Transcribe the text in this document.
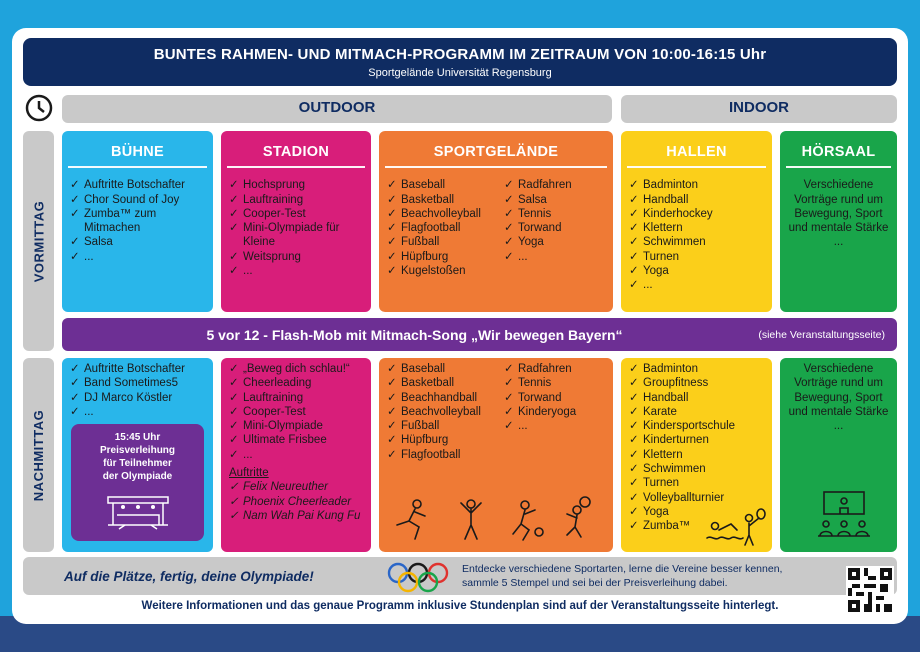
BUNTES RAHMEN- UND MITMACH-PROGRAMM IM ZEITRAUM VON 10:00-16:15 Uhr
Sportgelände Universität Regensburg
OUTDOOR	INDOOR
VORMITTAG
NACHMITTAG
BÜHNE
✓ Auftritte Botschafter
✓ Chor Sound of Joy
✓ Zumba™ zum Mitmachen
✓ Salsa
✓ ...
STADION
✓ Hochsprung
✓ Lauftraining
✓ Cooper-Test
✓ Mini-Olympiade für Kleine
✓ Weitsprung
✓ ...
SPORTGELÄNDE
✓ Baseball
✓ Basketball
✓ Beachvolleyball
✓ Flagfootball
✓ Fußball
✓ Hüpfburg
✓ Kugelstoßen
✓ Radfahren
✓ Salsa
✓ Tennis
✓ Torwand
✓ Yoga
✓ ...
HALLEN
✓ Badminton
✓ Handball
✓ Kinderhockey
✓ Klettern
✓ Schwimmen
✓ Turnen
✓ Yoga
✓ ...
HÖRSAAL
Verschiedene Vorträge rund um Bewegung, Sport und mentale Stärke ...
5 vor 12 - Flash-Mob mit Mitmach-Song „Wir bewegen Bayern“	(siehe Veranstaltungsseite)
✓ Auftritte Botschafter
✓ Band Sometimes5
✓ DJ Marco Köstler
✓ ...
15:45 Uhr
Preisverleihung
für Teilnehmer
der Olympiade
✓ „Beweg dich schlau!“
✓ Cheerleading
✓ Lauftraining
✓ Cooper-Test
✓ Mini-Olympiade
✓ Ultimate Frisbee
✓ ...
Auftritte
✓ Felix Neureuther
✓ Phoenix Cheerleader
✓ Nam Wah Pai Kung Fu
✓ Baseball
✓ Basketball
✓ Beachhandball
✓ Beachvolleyball
✓ Fußball
✓ Hüpfburg
✓ Flagfootball
✓ Radfahren
✓ Tennis
✓ Torwand
✓ Kinderyoga
✓ ...
✓ Badminton
✓ Groupfitness
✓ Handball
✓ Karate
✓ Kindersportschule
✓ Kinderturnen
✓ Klettern
✓ Schwimmen
✓ Turnen
✓ Volleyballturnier
✓ Yoga
✓ Zumba™
Verschiedene Vorträge rund um Bewegung, Sport und mentale Stärke ...
Auf die Plätze, fertig, deine Olympiade!	Entdecke verschiedene Sportarten, lerne die Vereine besser kennen,
sammle 5 Stempel und sei bei der Preisverleihung dabei.
Weitere Informationen und das genaue Programm inklusive Stundenplan sind auf der Veranstaltungsseite hinterlegt.
